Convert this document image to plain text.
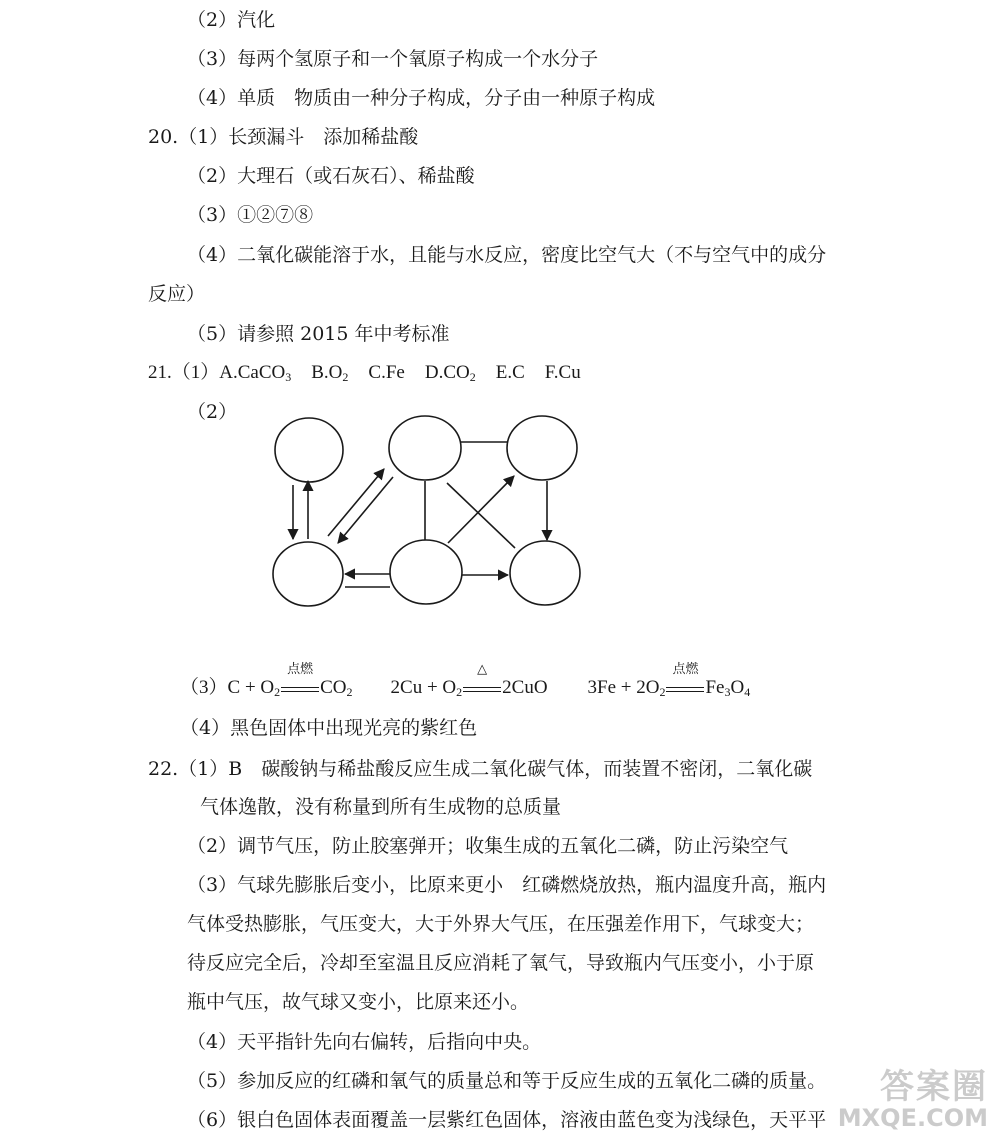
（2）汽化
（3）每两个氢原子和一个氧原子构成一个水分子
（4）单质　物质由一种分子构成，分子由一种原子构成
20.（1）长颈漏斗　添加稀盐酸
（2）大理石（或石灰石）、稀盐酸
（3）①②⑦⑧
（4）二氧化碳能溶于水，且能与水反应，密度比空气大（不与空气中的成分
反应）
（5）请参照 2015 年中考标准
21.（1）A.CaCO$_3$ $B.O_2$ C.Fe $D.CO_2$ E.C F.Cu
（2）
$(3)C + O_2$
点燃
$CO_2$ $2Cu + O_2$
△
2CuO $3Fe + 2O_2$
点燃
$Fe_3O_4$
（4）黑色固体中出现光亮的紫红色
22.（1）B　碳酸钠与稀盐酸反应生成二氧化碳气体，而装置不密闭，二氧化碳
气体逸散，没有称量到所有生成物的总质量
（2）调节气压，防止胶塞弹开；收集生成的五氧化二磷，防止污染空气
（3）气球先膨胀后变小，比原来更小　红磷燃烧放热，瓶内温度升高，瓶内
气体受热膨胀，气压变大，大于外界大气压，在压强差作用下，气球变大；
待反应完全后，冷却至室温且反应消耗了氧气，导致瓶内气压变小，小于原
瓶中气压，故气球又变小，比原来还小。
（4）天平指针先向右偏转，后指向中央。
（5）参加反应的红磷和氧气的质量总和等于反应生成的五氧化二磷的质量。
（6）银白色固体表面覆盖一层紫红色固体，溶液由蓝色变为浅绿色，天平平
答案圈
MXQE.COM
